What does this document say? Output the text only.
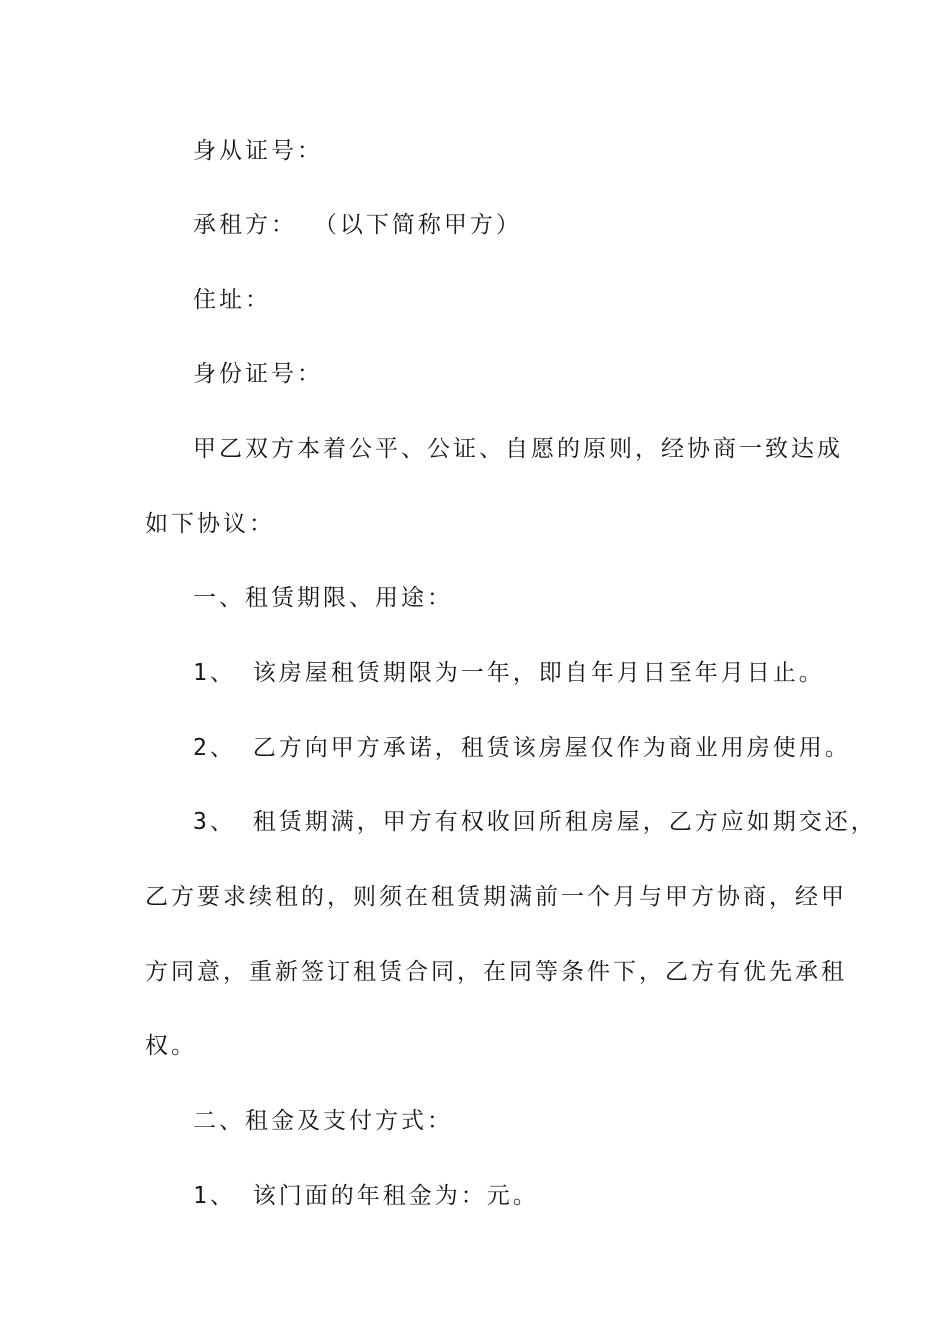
身从证号：
承租方： （以下简称甲方）
住址：
身份证号：
甲乙双方本着公平、公证、自愿的原则，经协商一致达成
如下协议：
一、租赁期限、用途：
1、 该房屋租赁期限为一年，即自年月日至年月日止。
2、 乙方向甲方承诺，租赁该房屋仅作为商业用房使用。
3、 租赁期满，甲方有权收回所租房屋，乙方应如期交还，
乙方要求续租的，则须在租赁期满前一个月与甲方协商，经甲
方同意，重新签订租赁合同，在同等条件下，乙方有优先承租
权。
二、租金及支付方式：
1、 该门面的年租金为：元。
